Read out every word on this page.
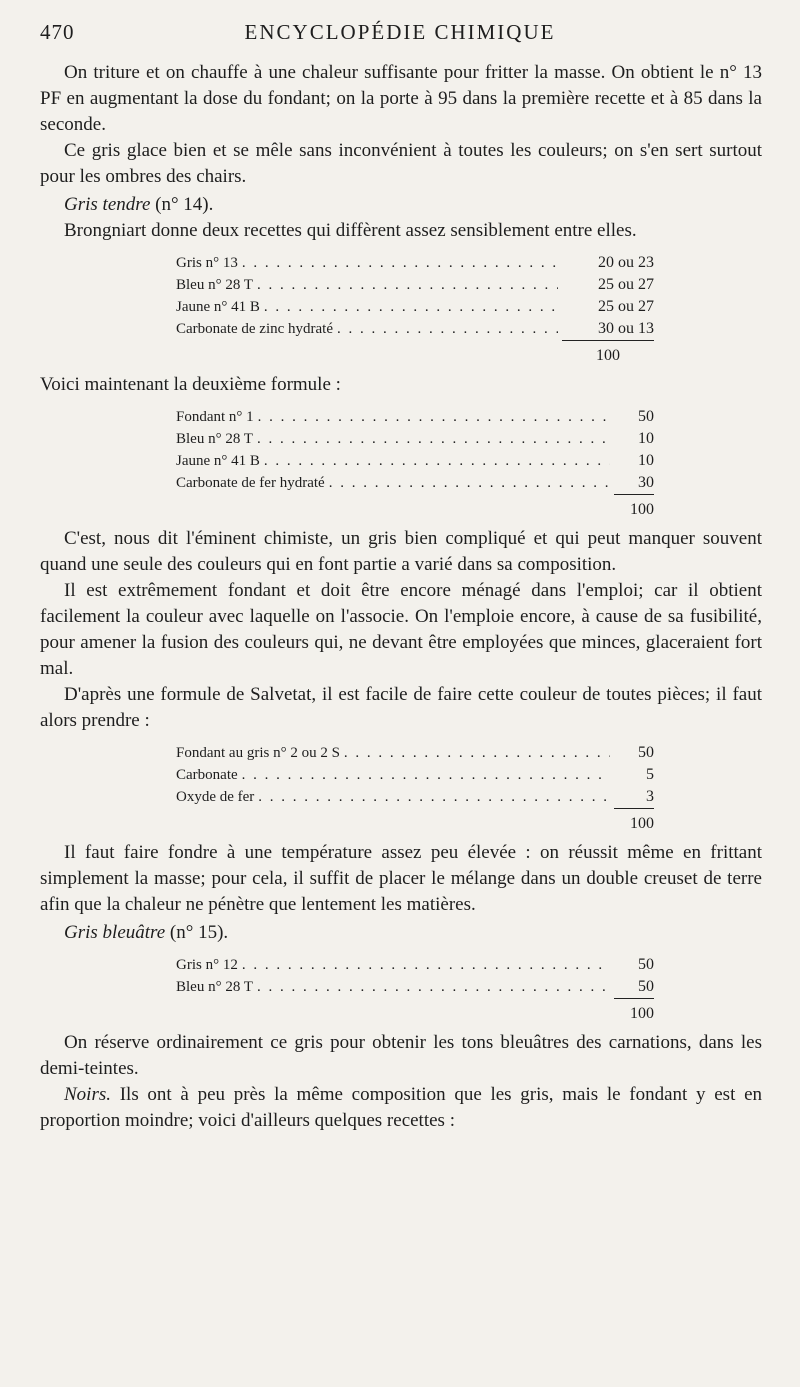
470	ENCYCLOPÉDIE CHIMIQUE

On triture et on chauffe à une chaleur suffisante pour fritter la masse. On obtient le n° 13 PF en augmentant la dose du fondant; on la porte à 95 dans la première recette et à 85 dans la seconde.

Ce gris glace bien et se mêle sans inconvénient à toutes les couleurs; on s'en sert surtout pour les ombres des chairs.

Gris tendre (n° 14).

Brongniart donne deux recettes qui diffèrent assez sensiblement entre elles.

Gris n° 13 . . .	20 ou 23
Bleu n° 28 T . . .	25 ou 27
Jaune n° 41 B . . .	25 ou 27
Carbonate de zinc hydraté . . .	30 ou 13
100

Voici maintenant la deuxième formule :

Fondant n° 1 . . .	50
Bleu n° 28 T . . .	10
Jaune n° 41 B . . .	10
Carbonate de fer hydraté . . .	30
100

C'est, nous dit l'éminent chimiste, un gris bien compliqué et qui peut manquer souvent quand une seule des couleurs qui en font partie a varié dans sa composition.

Il est extrêmement fondant et doit être encore ménagé dans l'emploi; car il obtient facilement la couleur avec laquelle on l'associe. On l'emploie encore, à cause de sa fusibilité, pour amener la fusion des couleurs qui, ne devant être employées que minces, glaceraient fort mal.

D'après une formule de Salvetat, il est facile de faire cette couleur de toutes pièces; il faut alors prendre :

Fondant au gris n° 2 ou 2 S . . .	50
Carbonate . . .	5
Oxyde de fer . . .	3
100

Il faut faire fondre à une température assez peu élevée : on réussit même en frittant simplement la masse; pour cela, il suffit de placer le mélange dans un double creuset de terre afin que la chaleur ne pénètre que lentement les matières.

Gris bleuâtre (n° 15).

Gris n° 12 . . .	50
Bleu n° 28 T . . .	50
100

On réserve ordinairement ce gris pour obtenir les tons bleuâtres des carnations, dans les demi-teintes.

Noirs. Ils ont à peu près la même composition que les gris, mais le fondant y est en proportion moindre; voici d'ailleurs quelques recettes :
